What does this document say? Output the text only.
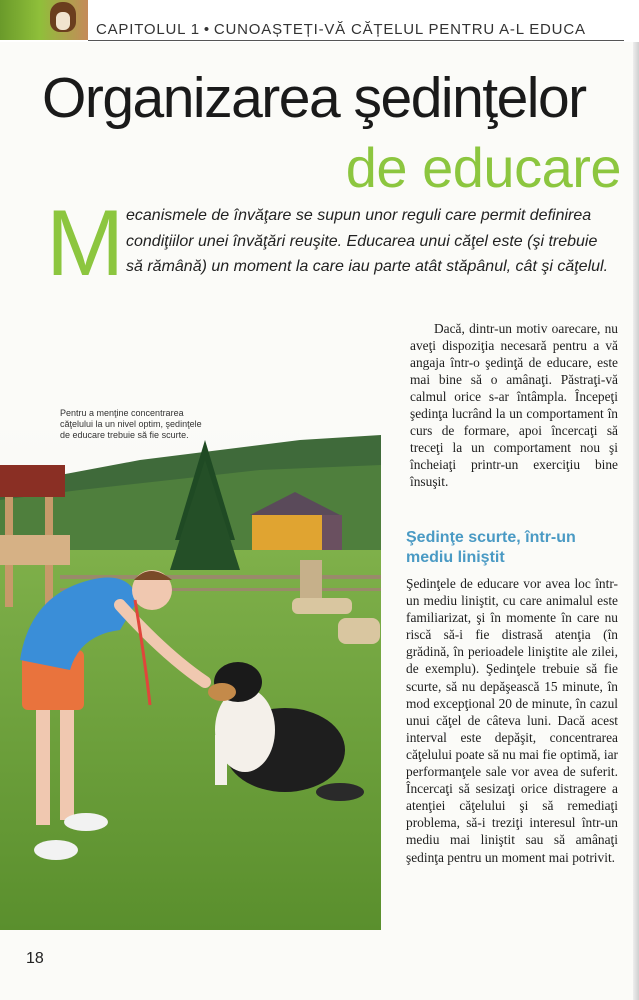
CAPITOLUL 1 • CUNOAȘTEȚI-VĂ CĂȚELUL PENTRU A-L EDUCA
Organizarea şedinţelor
de educare
M ecanismele de învăţare se supun unor reguli care permit definirea condiţiilor unei învăţări reuşite. Educarea unui căţel este (şi trebuie să rămână) un moment la care iau parte atât stăpânul, cât şi căţelul.
Pentru a menţine concentrarea căţelului la un nivel optim, şedinţele de educare trebuie să fie scurte.
Dacă, dintr-un motiv oarecare, nu aveţi dispoziţia necesară pentru a vă angaja într-o şedinţă de educare, este mai bine să o amânaţi. Păstraţi-vă calmul orice s-ar întâmpla. Începeţi şedinţa lucrând la un comportament în curs de formare, apoi încercaţi să treceţi la un comportament nou şi încheiaţi printr-un exerciţiu bine însuşit.
Şedinţe scurte, într-un mediu liniştit
Şedinţele de educare vor avea loc într-un mediu liniştit, cu care animalul este familiarizat, şi în momente în care nu riscă să-i fie distrasă atenţia (în grădină, în perioadele liniştite ale zilei, de exemplu). Şedinţele trebuie să fie scurte, să nu depăşească 15 minute, în mod excepţional 20 de minute, în cazul unui căţel de câteva luni. Dacă acest interval este depăşit, concentrarea căţelului poate să nu mai fie optimă, iar performanţele sale vor avea de suferit. Încercaţi să sesizaţi orice distragere a atenţiei căţelului şi să remediaţi problema, să-i treziţi interesul într-un mediu mai liniştit sau să amânaţi şedinţa pentru un moment mai potrivit.
18
